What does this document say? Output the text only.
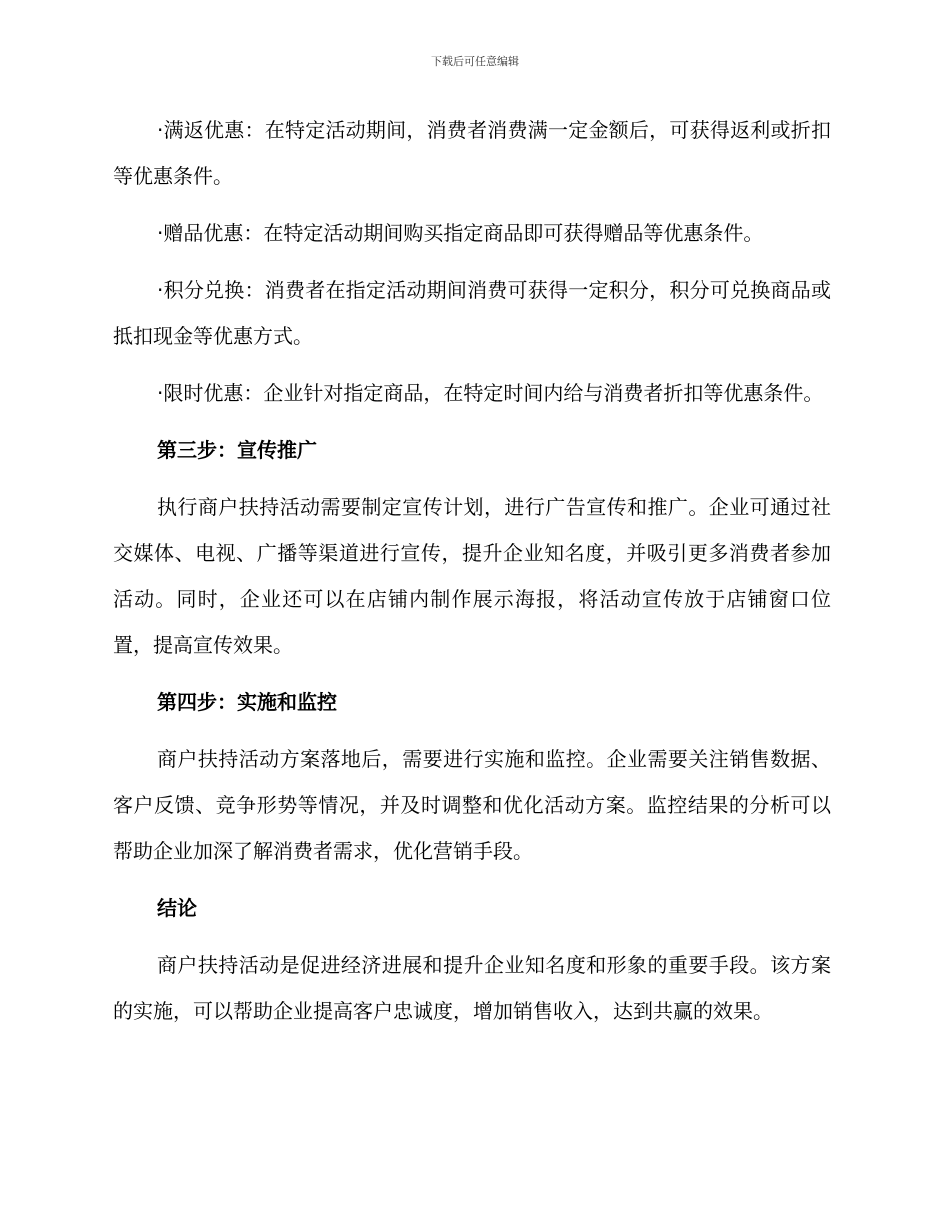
下载后可任意编辑

·满返优惠：在特定活动期间，消费者消费满一定金额后，可获得返利或折扣等优惠条件。

·赠品优惠：在特定活动期间购买指定商品即可获得赠品等优惠条件。

·积分兑换：消费者在指定活动期间消费可获得一定积分，积分可兑换商品或抵扣现金等优惠方式。

·限时优惠：企业针对指定商品，在特定时间内给与消费者折扣等优惠条件。

第三步：宣传推广

执行商户扶持活动需要制定宣传计划，进行广告宣传和推广。企业可通过社交媒体、电视、广播等渠道进行宣传，提升企业知名度，并吸引更多消费者参加活动。同时，企业还可以在店铺内制作展示海报，将活动宣传放于店铺窗口位置，提高宣传效果。

第四步：实施和监控

商户扶持活动方案落地后，需要进行实施和监控。企业需要关注销售数据、客户反馈、竞争形势等情况，并及时调整和优化活动方案。监控结果的分析可以帮助企业加深了解消费者需求，优化营销手段。

结论

商户扶持活动是促进经济进展和提升企业知名度和形象的重要手段。该方案的实施，可以帮助企业提高客户忠诚度，增加销售收入，达到共赢的效果。
